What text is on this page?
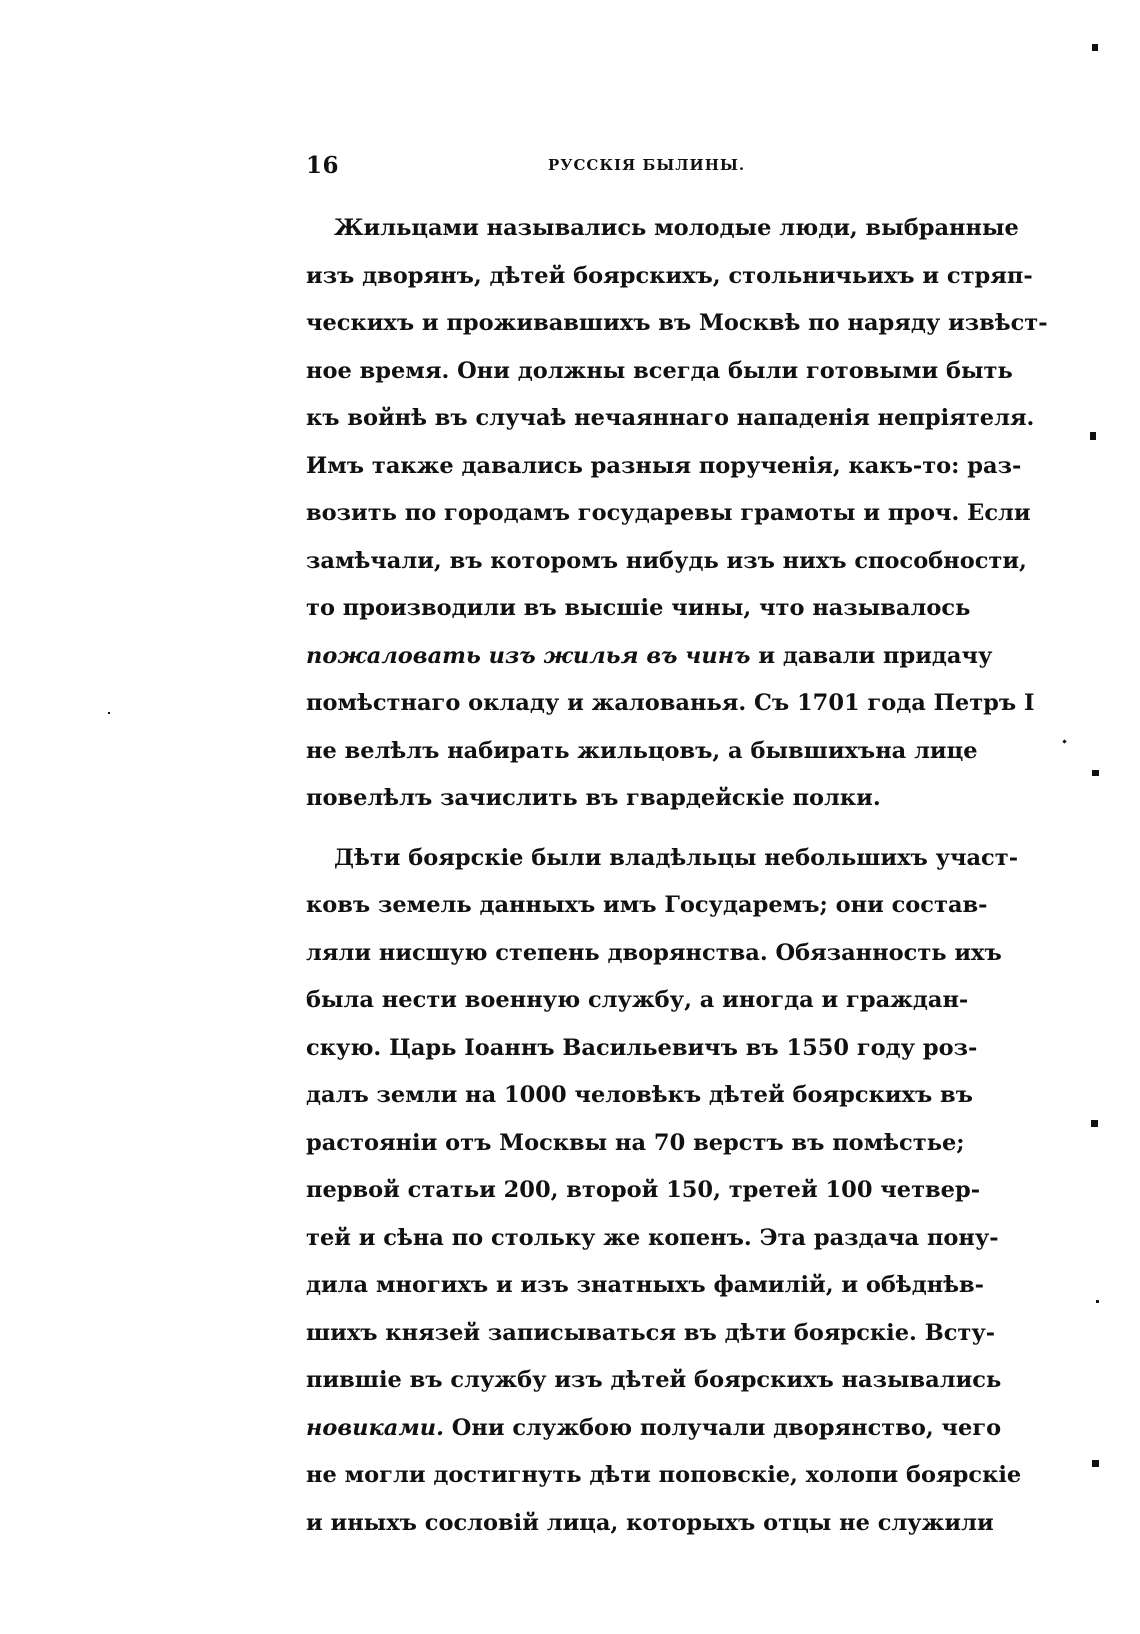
16	РУССКІЯ БЫЛИНЫ.
Жильцами назывались молодые люди, выбранные
изъ дворянъ, дѣтей боярскихъ, стольничьихъ и стряп-
ческихъ и проживавшихъ въ Москвѣ по наряду извѣст-
ное время. Они должны всегда были готовыми быть
къ войнѣ въ случаѣ нечаяннаго нападенія непріятеля.
Имъ также давались разныя порученія, какъ-то: раз-
возить по городамъ государевы грамоты и проч. Если
замѣчали, въ которомъ нибудь изъ нихъ способности,
то производили въ высшіе чины, что называлось
пожаловать изъ жилья въ чинъ и давали придачу
помѣстнаго окладу и жалованья. Съ 1701 года Петръ I
не велѣлъ набирать жильцовъ, а бывшихъна лице
повелѣлъ зачислить въ гвардейскіе полки.
Дѣти боярскіе были владѣльцы небольшихъ участ-
ковъ земель данныхъ имъ Государемъ; они состав-
ляли нисшую степень дворянства. Обязанность ихъ
была нести военную службу, а иногда и граждан-
скую. Царь Іоаннъ Васильевичъ въ 1550 году роз-
далъ земли на 1000 человѣкъ дѣтей боярскихъ въ
растояніи отъ Москвы на 70 верстъ въ помѣстье;
первой статьи 200, второй 150, третей 100 четвер-
тей и сѣна по стольку же копенъ. Эта раздача пону-
дила многихъ и изъ знатныхъ фамилій, и обѣднѣв-
шихъ князей записываться въ дѣти боярскіе. Всту-
пившіе въ службу изъ дѣтей боярскихъ назывались
новиками. Они службою получали дворянство, чего
не могли достигнуть дѣти поповскіе, холопи боярскіе
и иныхъ сословій лица, которыхъ отцы не служили
